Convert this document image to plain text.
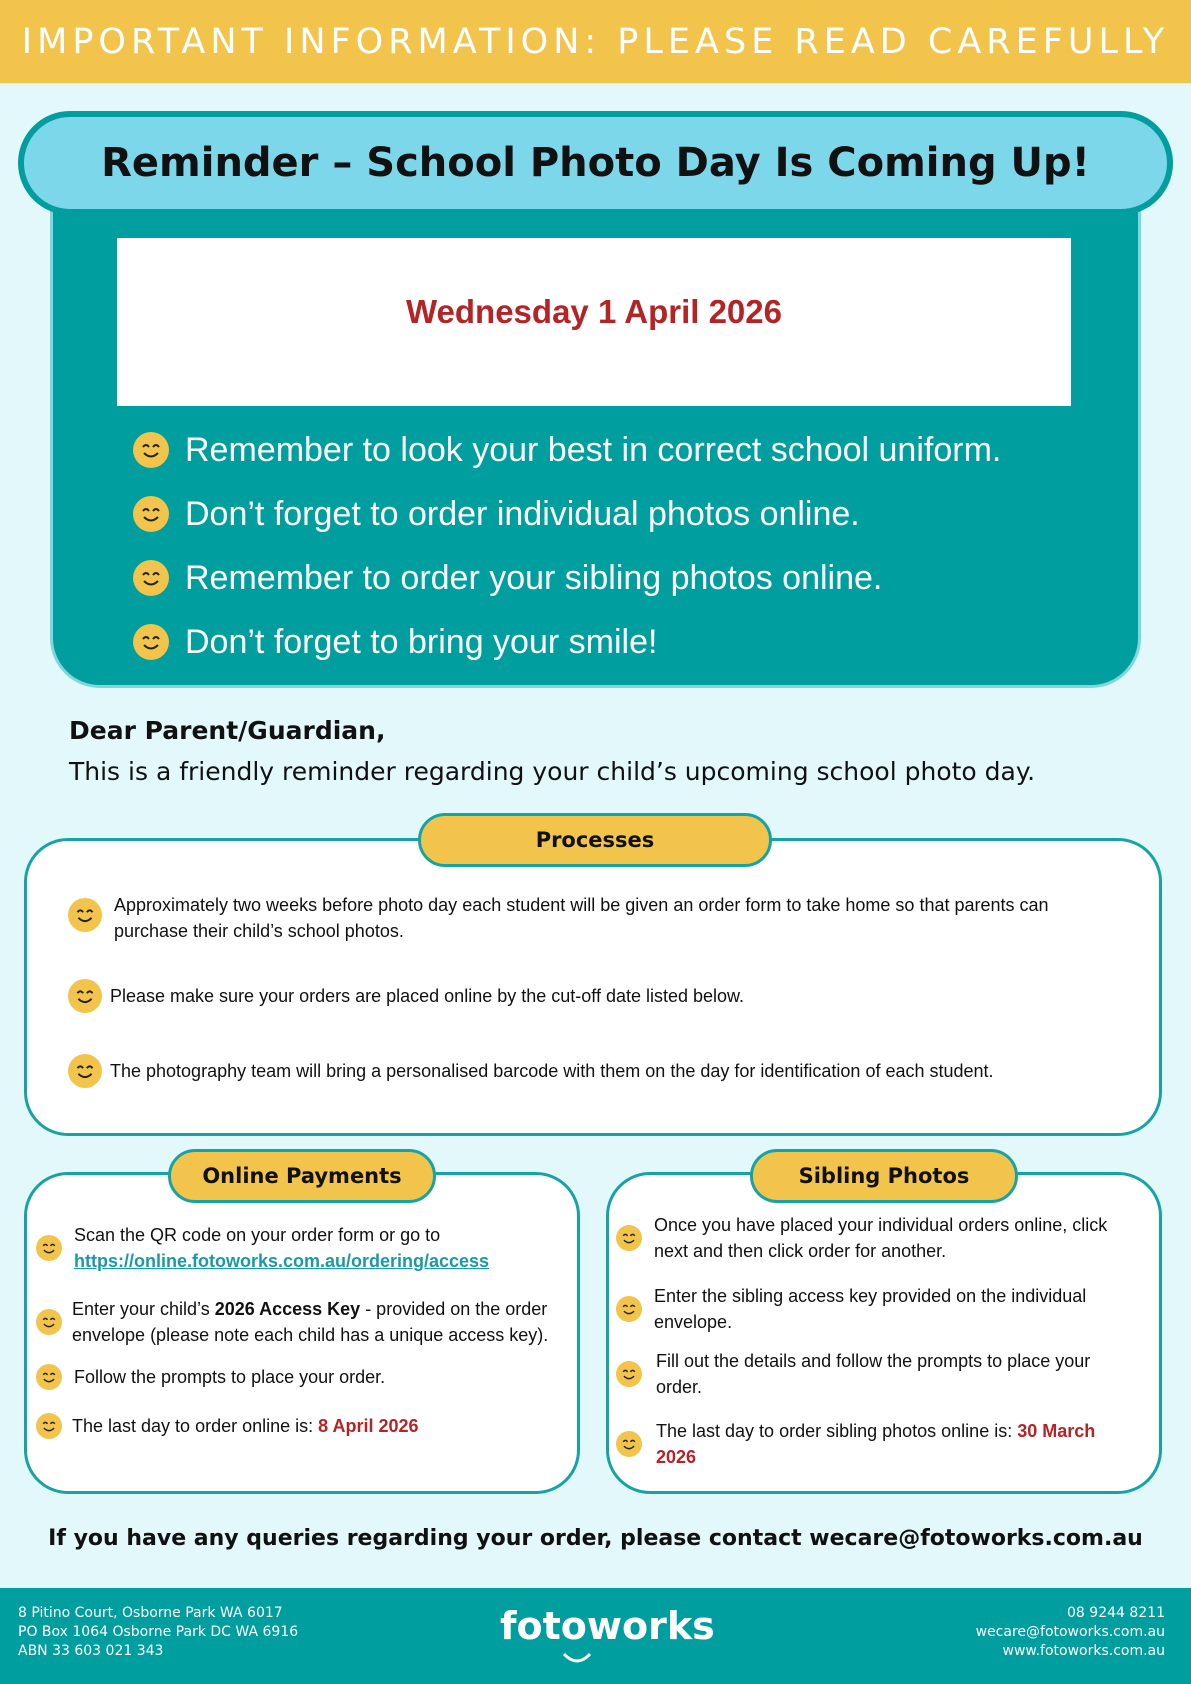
IMPORTANT INFORMATION: PLEASE READ CAREFULLY
Reminder – School Photo Day Is Coming Up!
Wednesday 1 April 2026
Remember to look your best in correct school uniform.
Don’t forget to order individual photos online.
Remember to order your sibling photos online.
Don’t forget to bring your smile!
Dear Parent/Guardian,
This is a friendly reminder regarding your child’s upcoming school photo day.
Processes
Approximately two weeks before photo day each student will be given an order form to take home so that parents can purchase their child’s school photos.
Please make sure your orders are placed online by the cut-off date listed below.
The photography team will bring a personalised barcode with them on the day for identification of each student.
Online Payments
Scan the QR code on your order form or go to
https://online.fotoworks.com.au/ordering/access
Enter your child’s 2026 Access Key - provided on the order envelope (please note each child has a unique access key).
Follow the prompts to place your order.
The last day to order online is: 8 April 2026
Sibling Photos
Once you have placed your individual orders online, click next and then click order for another.
Enter the sibling access key provided on the individual envelope.
Fill out the details and follow the prompts to place your order.
The last day to order sibling photos online is: 30 March 2026
If you have any queries regarding your order, please contact wecare@fotoworks.com.au
8 Pitino Court, Osborne Park WA 6017
PO Box 1064 Osborne Park DC WA 6916
ABN 33 603 021 343
fotoworks	08 9244 8211
wecare@fotoworks.com.au
www.fotoworks.com.au
